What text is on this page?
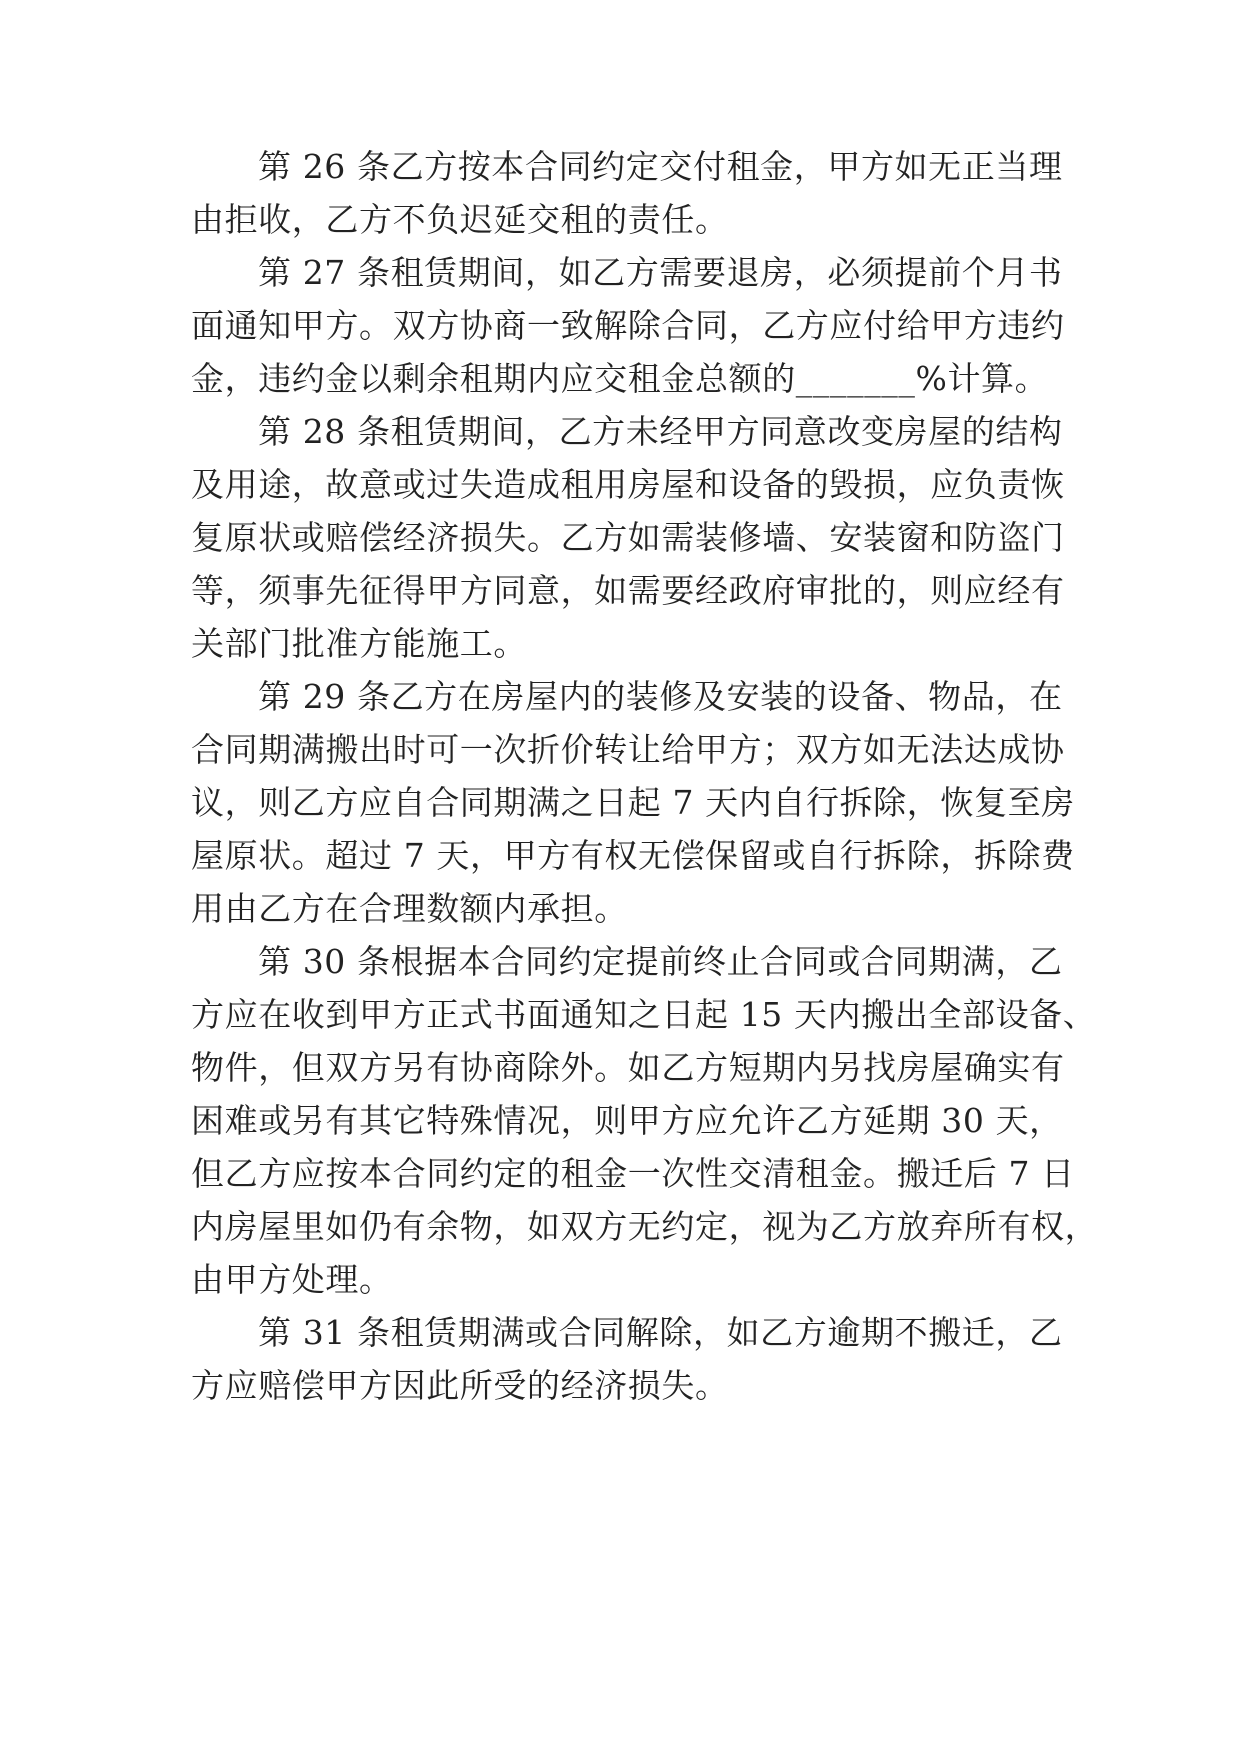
第 26 条乙方按本合同约定交付租金，甲方如无正当理
由拒收，乙方不负迟延交租的责任。
第 27 条租赁期间，如乙方需要退房，必须提前个月书
面通知甲方。双方协商一致解除合同，乙方应付给甲方违约
金，违约金以剩余租期内应交租金总额的_______%计算。
第 28 条租赁期间，乙方未经甲方同意改变房屋的结构
及用途，故意或过失造成租用房屋和设备的毁损，应负责恢
复原状或赔偿经济损失。乙方如需装修墙、安装窗和防盗门
等，须事先征得甲方同意，如需要经政府审批的，则应经有
关部门批准方能施工。
第 29 条乙方在房屋内的装修及安装的设备、物品，在
合同期满搬出时可一次折价转让给甲方；双方如无法达成协
议，则乙方应自合同期满之日起 7 天内自行拆除，恢复至房
屋原状。超过 7 天，甲方有权无偿保留或自行拆除，拆除费
用由乙方在合理数额内承担。
第 30 条根据本合同约定提前终止合同或合同期满，乙
方应在收到甲方正式书面通知之日起 15 天内搬出全部设备、
物件，但双方另有协商除外。如乙方短期内另找房屋确实有
困难或另有其它特殊情况，则甲方应允许乙方延期 30 天，
但乙方应按本合同约定的租金一次性交清租金。搬迁后 7 日
内房屋里如仍有余物，如双方无约定，视为乙方放弃所有权，
由甲方处理。
第 31 条租赁期满或合同解除，如乙方逾期不搬迁，乙
方应赔偿甲方因此所受的经济损失。
